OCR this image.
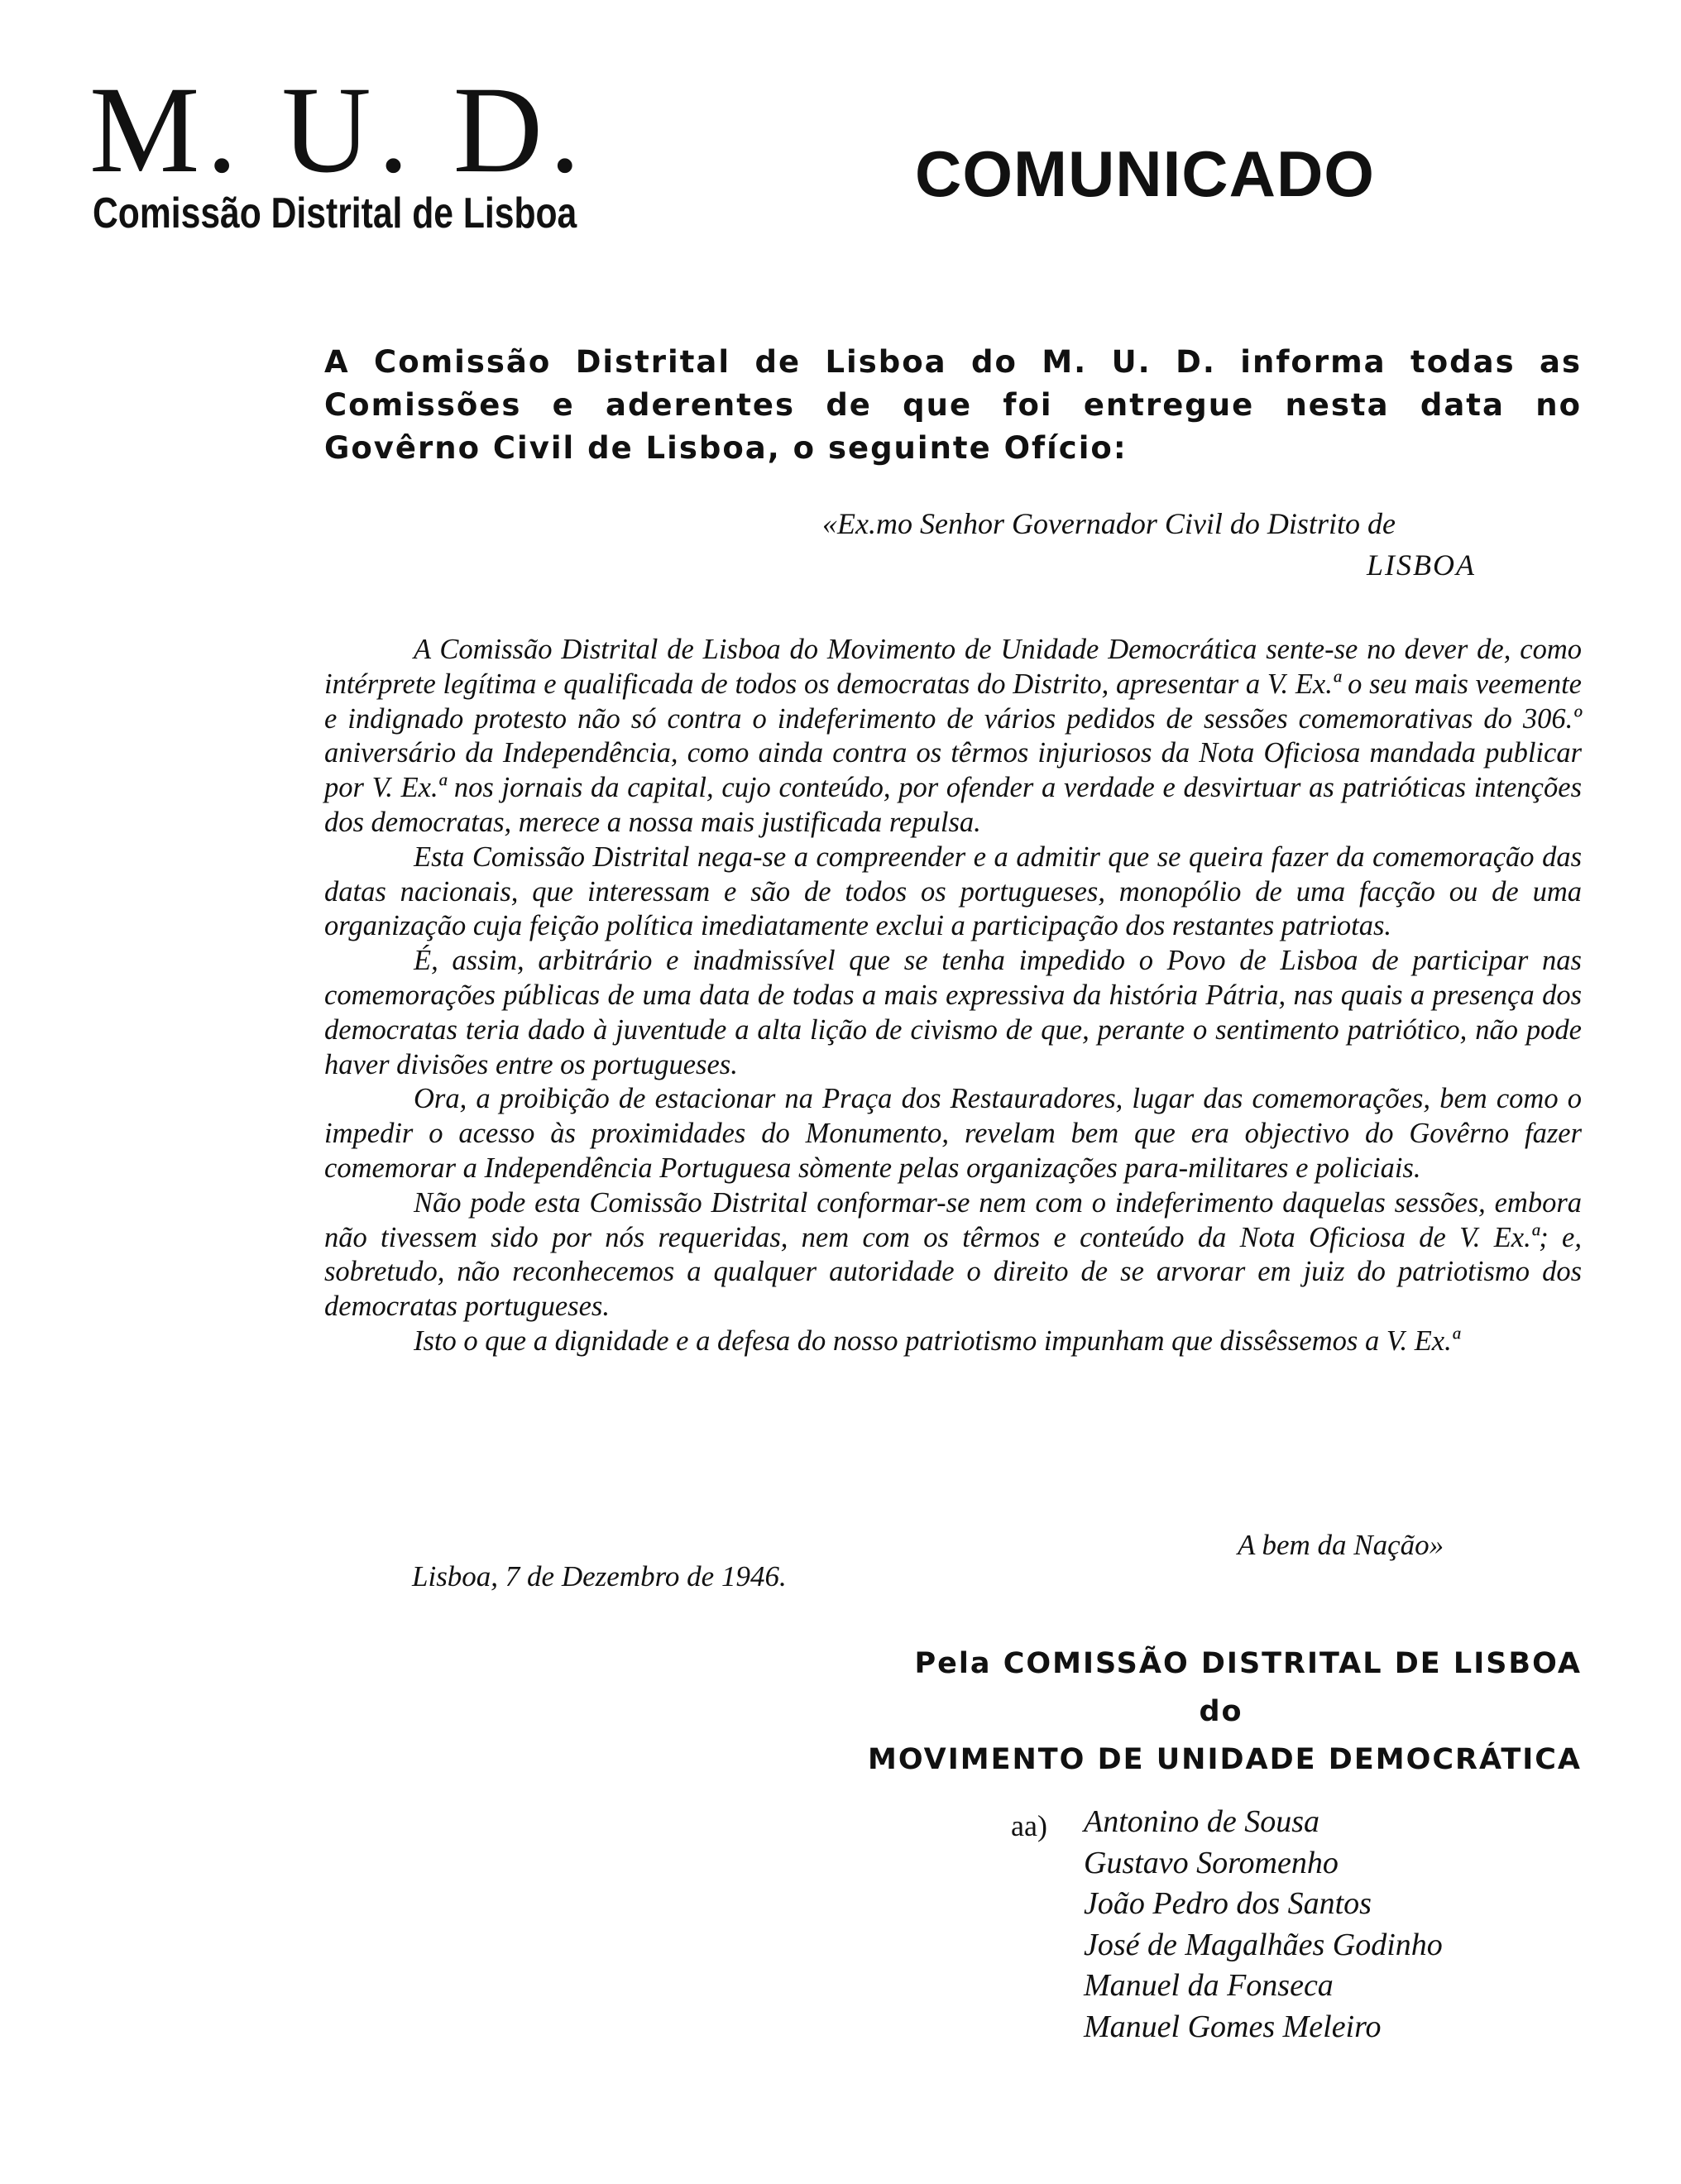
M. U. D.
Comissão Distrital de Lisboa
COMUNICADO
A Comissão Distrital de Lisboa do M. U. D. informa todas as Comissões e aderentes de que foi entregue nesta data no Govêrno Civil de Lisboa, o seguinte Ofício:
«Ex.mo Senhor Governador Civil do Distrito de
LISBOA

A Comissão Distrital de Lisboa do Movimento de Unidade Democrática sente-se no dever de, como intérprete legítima e qualificada de todos os democratas do Distrito, apresentar a V. Ex.ª o seu mais veemente e indignado protesto não só contra o indeferimento de vários pedidos de sessões comemorativas do 306.º aniversário da Independência, como ainda contra os têrmos injuriosos da Nota Oficiosa mandada publicar por V. Ex.ª nos jornais da capital, cujo conteúdo, por ofender a verdade e desvirtuar as patrióticas intenções dos democratas, merece a nossa mais justificada repulsa.

Esta Comissão Distrital nega-se a compreender e a admitir que se queira fazer da comemoração das datas nacionais, que interessam e são de todos os portugueses, monopólio de uma facção ou de uma organização cuja feição política imediatamente exclui a participação dos restantes patriotas.

É, assim, arbitrário e inadmissível que se tenha impedido o Povo de Lisboa de participar nas comemorações públicas de uma data de todas a mais expressiva da história Pátria, nas quais a presença dos democratas teria dado à juventude a alta lição de civismo de que, perante o sentimento patriótico, não pode haver divisões entre os portugueses.

Ora, a proibição de estacionar na Praça dos Restauradores, lugar das comemorações, bem como o impedir o acesso às proximidades do Monumento, revelam bem que era objectivo do Govêrno fazer comemorar a Independência Portuguesa sòmente pelas organizações para-militares e policiais.

Não pode esta Comissão Distrital conformar-se nem com o indeferimento daquelas sessões, embora não tivessem sido por nós requeridas, nem com os têrmos e conteúdo da Nota Oficiosa de V. Ex.ª; e, sobretudo, não reconhecemos a qualquer autoridade o direito de se arvorar em juiz do patriotismo dos democratas portugueses.

Isto o que a dignidade e a defesa do nosso patriotismo impunham que dissêssemos a V. Ex.ª

A bem da Nação»
Lisboa, 7 de Dezembro de 1946.
Pela COMISSÃO DISTRITAL DE LISBOA
do
MOVIMENTO DE UNIDADE DEMOCRÁTICA
aa) Antonino de Sousa
Gustavo Soromenho
João Pedro dos Santos
José de Magalhães Godinho
Manuel da Fonseca
Manuel Gomes Meleiro
